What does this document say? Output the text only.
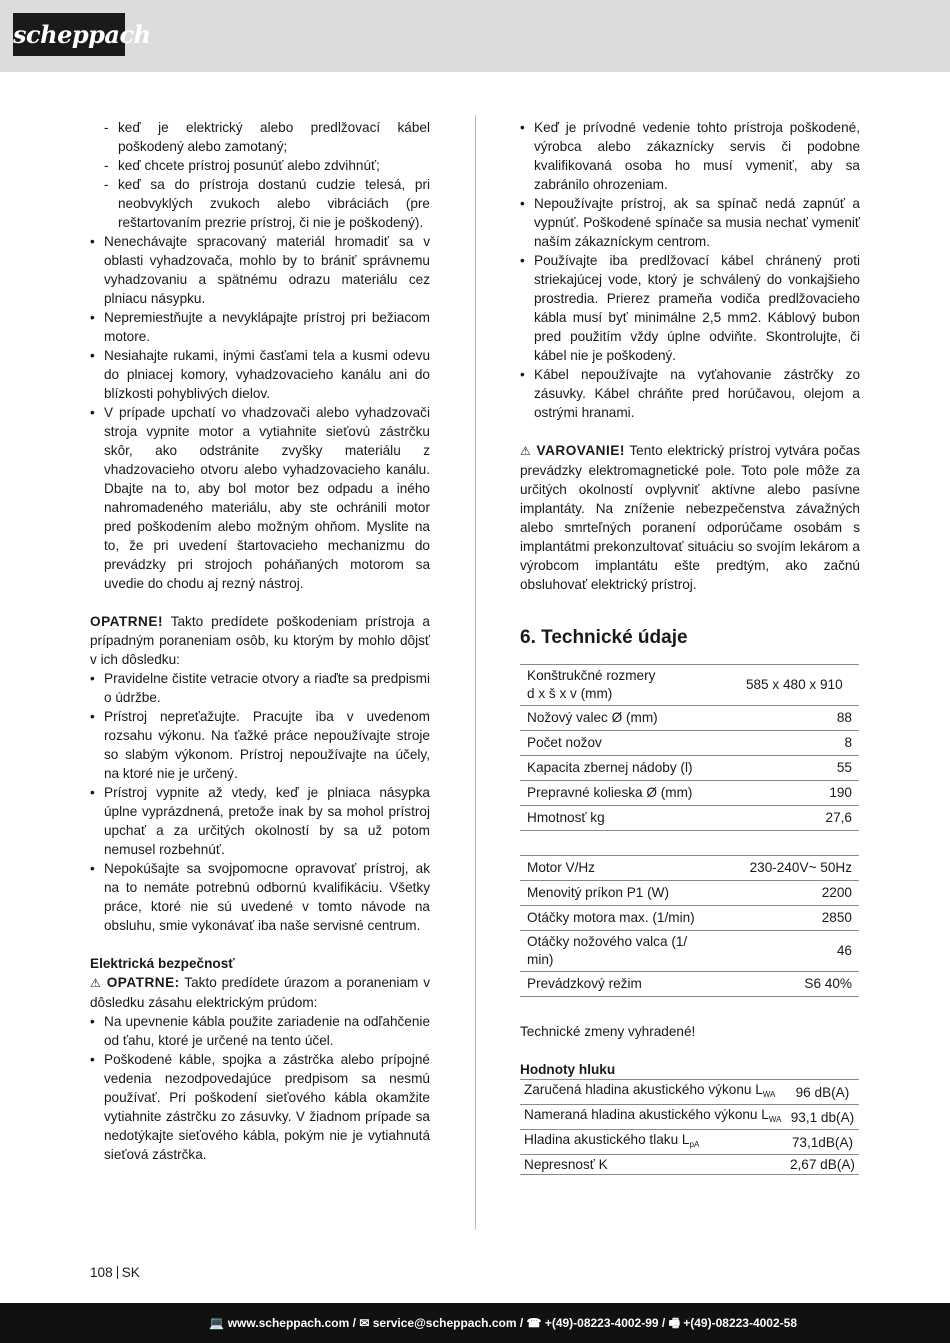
scheppach

- keď je elektrický alebo predlžovací kábel poškodený alebo zamotaný;

- keď chcete prístroj posunúť alebo zdvihnúť;

- keď sa do prístroja dostanú cudzie telesá, pri neobvyklých zvukoch alebo vibráciách (pre reštartovaním prezrie prístroj, či nie je poškodený).

• Nenechávajte spracovaný materiál hromadiť sa v oblasti vyhadzovača, mohlo by to brániť správnemu vyhadzovaniu a spätnému odrazu materiálu cez plniacu násypku.

• Nepremiestňujte a nevyklápajte prístroj pri bežiacom motore.

• Nesiahajte rukami, inými časťami tela a kusmi odevu do plniacej komory, vyhadzovacieho kanálu ani do blízkosti pohyblivých dielov.

• V prípade upchatí vo vhadzovači alebo vyhadzovači strojа vypnite motor a vytiahnite sieťovú zástrčku skôr, ako odstránite zvyšky materiálu z vhadzovacieho otvoru alebo vyhadzovacieho kanálu. Dbajte na to, aby bol motor bez odpadu a iného nahromadeného materiálu, aby ste ochránili motor pred poškodením alebo možným ohňom. Myslite na to, že pri uvedení štartovacieho mechanizmu do prevádzky pri strojoch poháňaných motorom sa uvedie do chodu aj rezný nástroj.

OPATRNE! Takto predídete poškodeniam prístroja a prípadným poraneniam osôb, ku ktorým by mohlo dôjsť v ich dôsledku:

• Pravidelne čistite vetracie otvory a riaďte sa predpismi o údržbe.

• Prístroj nepreťažujte. Pracujte iba v uvedenom rozsahu výkonu. Na ťažké práce nepoužívajte stroje so slabým výkonom. Prístroj nepoužívajte na účely, na ktoré nie je určený.

• Prístroj vypnite až vtedy, keď je plniaca násypka úplne vyprázdnená, pretože inak by sa mohol prístroj upchať a za určitých okolností by sa už potom nemusel rozbehnúť.

• Nepokúšajte sa svojpomocne opravovať prístroj, ak na to nemáte potrebnú odbornú kvalifikáciu. Všetky práce, ktoré nie sú uvedené v tomto návode na obsluhu, smie vykonávať iba naše servisné centrum.

Elektrická bezpečnosť

⚠ OPATRNE: Takto predídete úrazom a poraneniam v dôsledku zásahu elektrickým prúdom:

• Na upevnenie kábla použite zariadenie na odľahčenie od ťahu, ktoré je určené na tento účel.

• Poškodené káble, spojka a zástrčka alebo prípojné vedenia nezodpovedajúce predpisom sa nesmú používať. Pri poškodení sieťového kábla okamžite vytiahnite zástrčku zo zásuvky. V žiadnom prípade sa nedotýkajte sieťového kábla, pokým nie je vytiahnutá sieťová zástrčka.

• Keď je prívodné vedenie tohto prístroja poškodené, výrobca alebo zákaznícky servis či podobne kvalifikovaná osoba ho musí vymeniť, aby sa zabránilo ohrozeniam.

• Nepoužívajte prístroj, ak sa spínač nedá zapnúť a vypnúť. Poškodené spínače sa musia nechať vymeniť naším zákazníckym centrom.

• Používajte iba predlžovací kábel chránený proti striekajúcej vode, ktorý je schválený do vonkajšieho prostredia. Prierez prameňa vodiča predlžovacieho kábla musí byť minimálne 2,5 mm2. Káblový bubon pred použitím vždy úplne odviňte. Skontrolujte, či kábel nie je poškodený.

• Kábel nepoužívajte na vyťahovanie zástrčky zo zásuvky. Kábel chráňte pred horúčavou, olejom a ostrými hranami.

⚠ VAROVANIE! Tento elektrický prístroj vytvára počas prevádzky elektromagnetické pole. Toto pole môže za určitých okolností ovplyvniť aktívne alebo pasívne implantáty. Na zníženie nebezpečenstva závažných alebo smrteľných poranení odporúčame osobám s implantátmi prekonzultovať situáciu so svojím lekárom a výrobcom implantátu ešte predtým, ako začnú obsluhovať elektrický prístroj.

6. Technické údaje

Konštrukčné rozmery
d x š x v (mm)	585 x 480 x 910
Nožový valec Ø (mm)	88
Počet nožov	8
Kapacita zbernej nádoby (l)	55
Prepravné kolieska Ø (mm)	190
Hmotnosť kg	27,6
Motor V/Hz	230-240V~ 50Hz
Menovitý príkon P1 (W)	2200
Otáčky motora max. (1/min)	2850
Otáčky nožového valca (1/
min)	46
Prevádzkový režim	S6 40%

Technické zmeny vyhradené!

Hodnoty hluku

Zaručená hladina akustického výkonu $L_{WA}$	96 dB(A)
Nameraná hladina akustického výkonu $L_{WA}$	93,1 db(A)
Hladina akustického tlaku $L_{pA}$	73,1dB(A)
Nepresnosť K	2,67 dB(A)
108 SK
💻 www.scheppach.com / ✉ service@scheppach.com / ☎ +(49)-08223-4002-99 / 🖷 +(49)-08223-4002-58
